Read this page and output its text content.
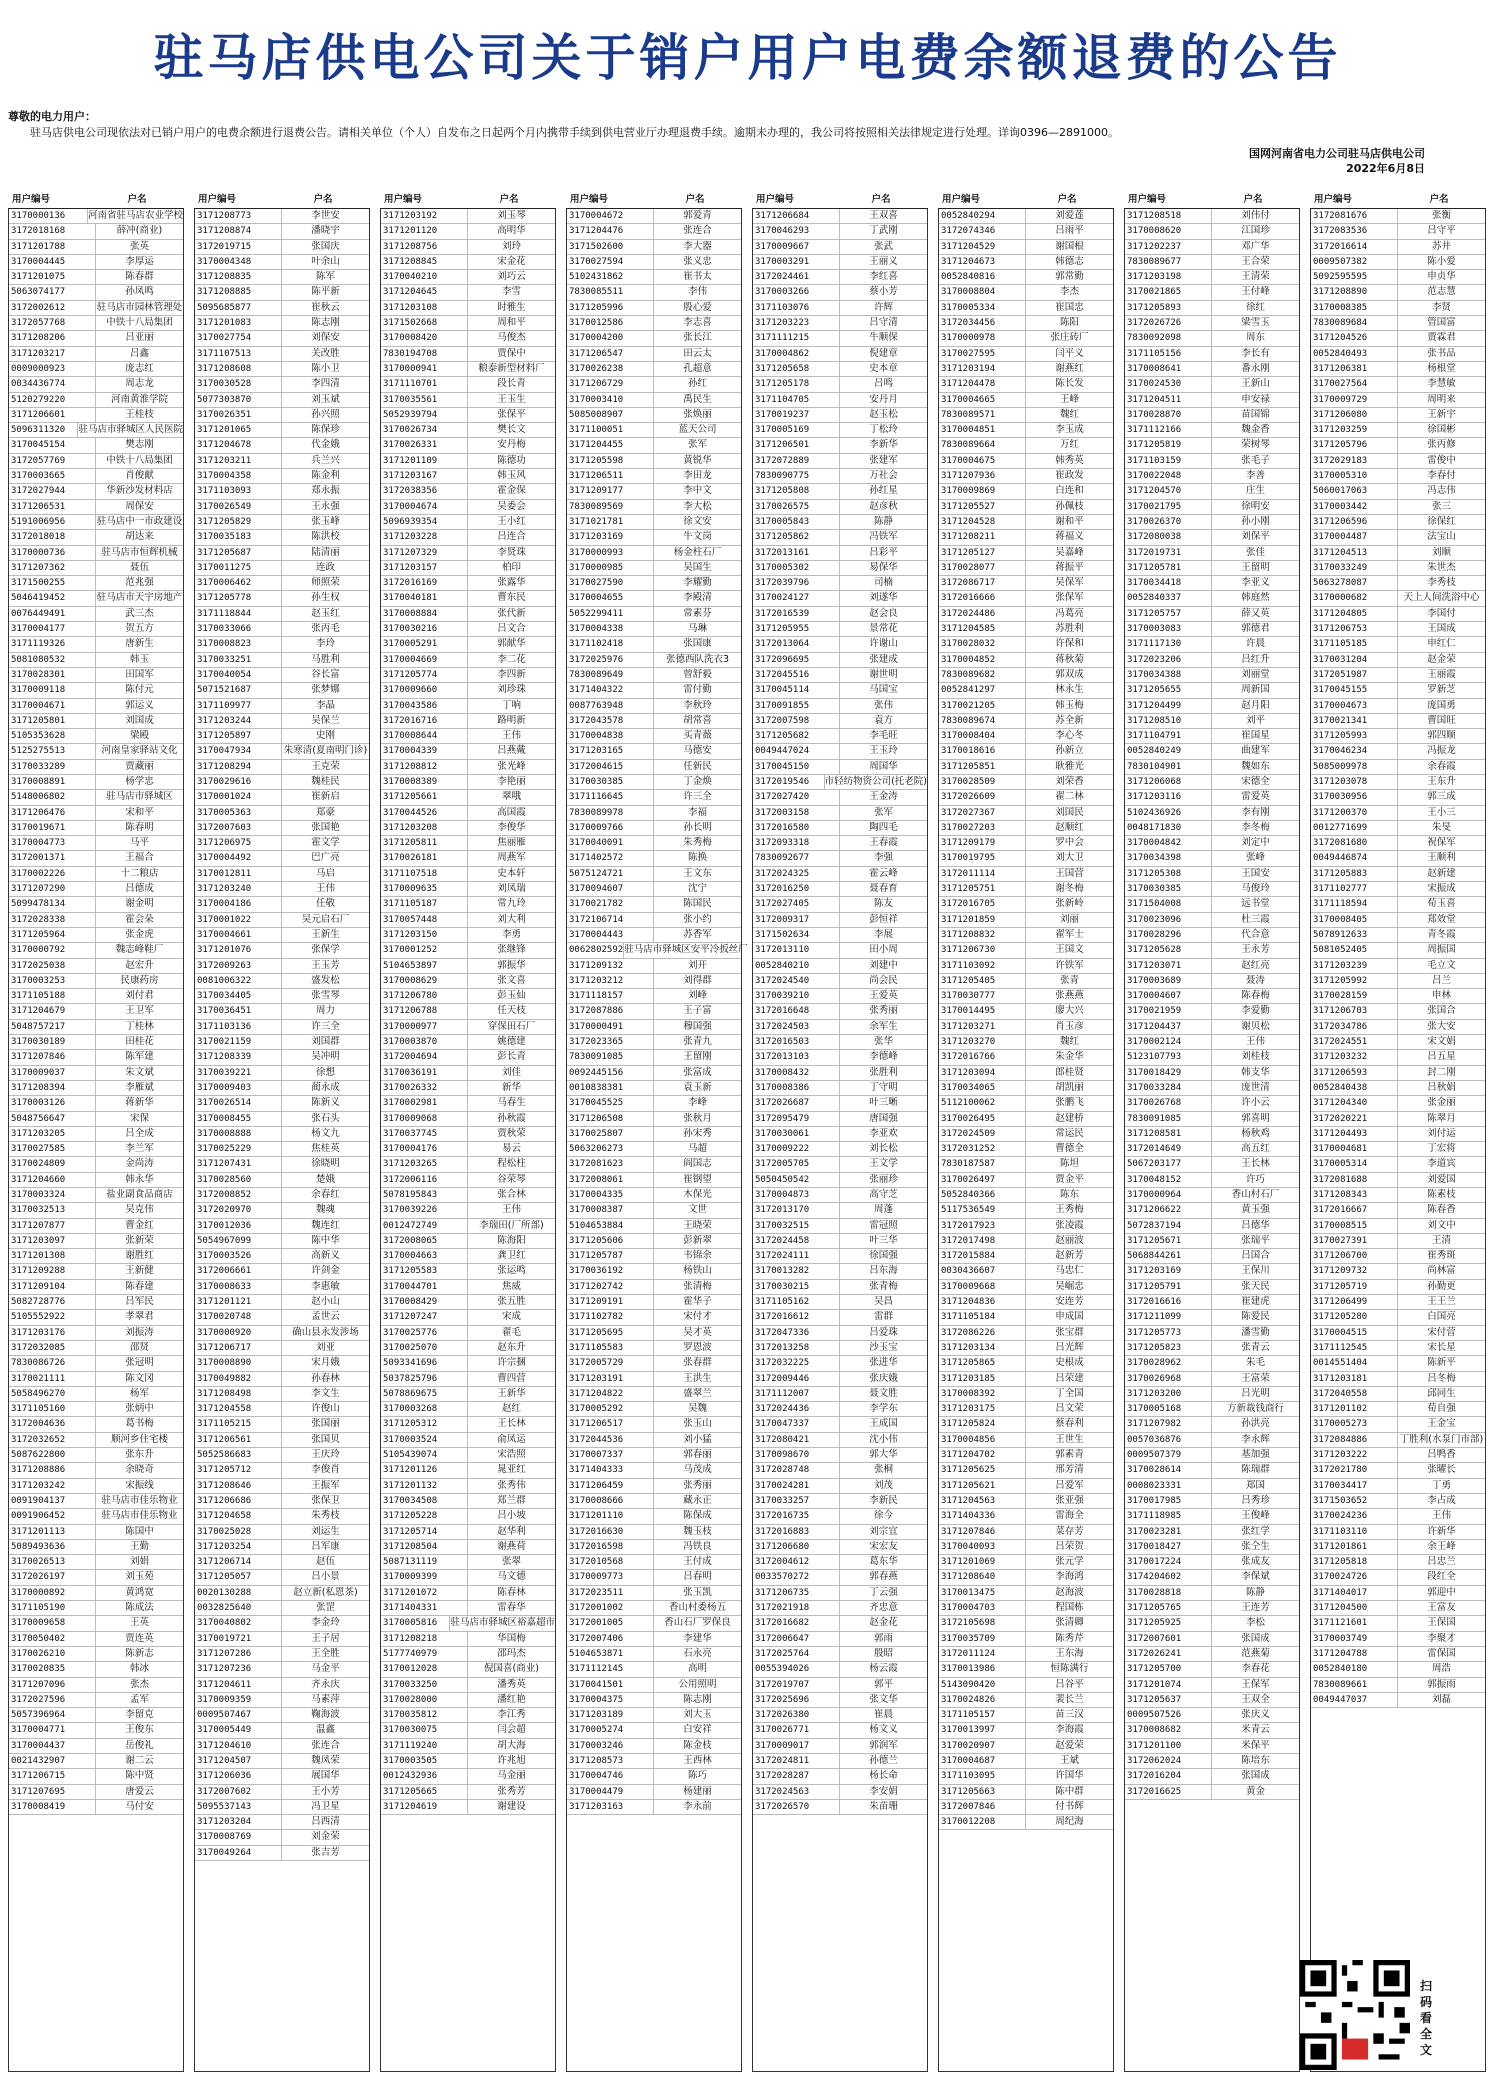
驻马店供电公司关于销户用户电费余额退费的公告
尊敬的电力用户：
驻马店供电公司现依法对已销户用户的电费余额进行退费公告。请相关单位（个人）自发布之日起两个月内携带手续到供电营业厅办理退费手续。逾期未办理的，我公司将按照相关法律规定进行处理。详询0396—2891000。
国网河南省电力公司驻马店供电公司
2022年6月8日
用户编号	户名
3170000136	河南省驻马店农业学校
3172018168	薛冲(商业)
3171201788	张英
3170004445	李厚运
3171201075	陈春群
5063074177	孙凤鸣
3172002612	驻马店市园林管理处
3172057768	中铁十八局集团
3171208206	吕亚丽
3171203217	吕鑫
0009000923	庞志红
0034436774	周志龙
5120279220	河南黄淮学院
3171206601	王桂枝
5096311320	驻马店市驿城区人民医院
3170045154	樊志刚
3172057769	中铁十八局集团
3170003665	肖俊献
3172027944	华新沙发材料店
3171206531	周保安
5191006956	驻马店中一市政建设
3172018018	胡达来
3170000736	驻马店市恒辉机械
3171207362	聂伍
3171500255	范兆强
5046419452	驻马店市天宇房地产
0076449491	武三杰
3170004177	贺五方
3171119326	唐新生
5081080532	韩玉
3170028301	田国军
3170009118	陈付元
3170004671	郭运义
3171205801	刘国成
5105353628	梁殿
5125275513	河南皇家驿站文化
3170033289	贾藏丽
3170008891	杨学忠
5148006802	驻马店市驿城区
3171206476	宋和平
3170019671	陈春明
3170004773	马平
3172001371	王福合
3170002226	十二粮店
3171207290	吕德成
5099478134	谢金明
3172028338	霍会朵
3171205964	张金虎
3170000792	魏志峰鞋厂
3172025038	赵宏升
3170003253	民康药房
3171105188	刘付君
3171204679	王卫军
5048757217	丁桂林
3170030189	田桂花
3171207846	陈军建
3170009037	朱文斌
3171208394	李雁斌
3170003126	蒋新华
5048756647	宋保
3171203205	吕全成
3170027585	李兰军
3170024809	金尚涛
3171204660	韩永华
3170003324	盐业副食品商店
3170032513	吴克伟
3171207877	曹金红
3171203097	张新荣
3171201308	谢胜红
3171209288	王新健
3171209104	陈春建
5082728776	吕军民
5105552922	孝翠君
3171203176	刘振涛
3172032085	邵贤
7830086726	张冠明
3170021111	陈文冈
5058496270	杨军
3171105160	张炳中
3172004636	葛书梅
3172032652	顺河乡住宅楼
5087622800	张东升
3171208886	余晓奇
3171203242	宋振线
0091904137	驻马店市佳乐物业
0091906452	驻马店市佳乐物业
3171201113	陈国中
5089493636	王勤
3170026513	刘娟
3172026197	刘玉苑
3170000892	黄鸿宽
3171105190	陈成法
3170009658	王英
3170050402	贾连英
3170026210	陈新志
3170020835	韩冰
3171207096	张杰
3172027596	孟军
5057396964	李留克
3170004771	王俊东
3170004437	岳俊礼
0021432907	谢二云
3171206715	陈中贤
3171207695	唐爱云
3170008419	马付安
用户编号	户名
3171208773	李世安
3171208874	潘晓宇
3172019715	张国庆
3170004348	叶余山
3171208835	陈军
3171208885	陈平新
5095685877	崔秋云
3171201083	陈志刚
3170027754	刘保安
3171107513	关改胜
3171208608	陈小卫
3170030528	李四清
5077303870	刘玉斌
3170026351	孙兴照
3171201065	陈保珍
3171204678	代金娥
3171203211	兵兰兴
3170004358	陈金利
3171103093	郑永振
3170026549	王永强
3171205829	张玉峰
3170035183	陈洪校
3171205687	陆清丽
3170011275	连政
3170006462	师照荣
3171205778	孙生权
3171118844	赵玉红
3170033066	张丙毛
3170008823	李玲
3170033251	马胜利
3170040054	谷长富
5071521687	张梦娜
3171109977	李晶
3171203244	吴保兰
3171205897	史刚
3170047934	朱寒清(夏南明门诊)
3171208294	王克荣
3170029616	魏桂民
3170001024	崔新启
3170005363	郑豪
3172007603	张国艳
3171206975	霍文学
3170004492	巴广亮
3170012811	马启
3171203240	王伟
3170004186	任敬
3170001022	吴元启石厂
3170004661	王新生
3171201076	张保学
3172009263	王玉芳
0081006322	盛发松
3170034405	张雪琴
3170036451	周力
3171103136	许三全
3170021159	刘国群
3171208339	吴冲明
3170039221	徐想
3170009403	蔺永成
3170026514	陈新义
3170008455	张石头
3170008888	杨文九
3170025229	焦桂英
3171207431	徐晓明
3170028560	楚娥
3172008852	余春红
3172020970	魏魂
3170012036	魏连红
5054967099	陈中华
3170003526	高新义
3172006661	许剑金
3170008633	李惠敏
3171201121	赵小山
3170020748	孟世云
3170000920	确山县永发涉场
3171206717	刘亚
3170008890	宋月娥
3170049882	孙春林
3171208498	李文生
3171204558	许俊山
3171105215	张国丽
3171206561	张国贝
5052586683	王庆玲
3171205712	李俊肖
3171208646	王振军
3171206686	张保卫
3171204658	朱秀枝
3170025028	刘运生
3171203254	吕军康
3171206714	赵伍
3171205057	吕小景
0020130288	赵立新(私恩茶)
0032825640	张罡
3170040802	李金玲
3170019721	王子居
3171207286	王全胜
3171207236	马金平
3171204611	齐永庆
3170009359	马素萍
0009507467	鞠海波
3170005449	温鑫
3171204610	张连合
3171204507	魏凤荣
3171206036	展国华
3172007602	王小芳
5095537143	冯卫星
3171203204	吕西清
3170008769	刘金荣
3170049264	张吉芳
用户编号	户名
3171203192	刘玉琴
3171201120	高明华
3171208756	刘玲
3171208845	宋金花
3170040210	刘巧云
3171204645	李雪
3171203108	时雅生
3171502668	周和平
3170008420	马俊杰
7830194708	贾保中
3170000941	粮泰新型材料厂
3171110701	段长青
3170035561	王玉生
5052939794	张保平
3170026734	樊长文
3170026331	安丹梅
3171201109	陈德功
3171203167	韩玉风
3172038356	霍金保
3170004674	吴委会
5096939354	王小红
3171203228	吕连合
3171207329	李贤珠
3171203157	柏印
3172016169	张露华
3170040181	曹东民
3170008884	张代新
3170030216	吕文合
3170005291	郭献华
3170004669	李二花
3171205774	李四新
3170009660	刘珍珠
3170043586	丁响
3172016716	路明新
3170008644	王伟
3170004339	吕燕戴
3171208812	张光峰
3170008389	李艳丽
3171205661	翠哦
3170044526	高国霞
3171203208	李俊华
3171205811	焦丽雁
3170026181	周燕军
3171107518	史本轩
3170009635	刘凤瑞
3171105187	常九玲
3170057448	刘大利
3171203150	李勇
3170001252	张继锋
5104653897	郭振华
3170008629	张文喜
3171206780	彭玉仙
3171206788	任天枝
3170000977	穿保田石厂
3170003870	姚德建
3172004694	彭长青
3170036191	刘佳
3170026332	新华
3170002981	马春生
3170009068	孙秋霞
3170037745	贾秋荣
3170004176	易云
3171203265	程松柱
3172006116	谷荣琴
5078195843	张合林
3170039226	王伟
0012472749	李瑞田(厂所部)
3172008065	陈海阳
3170004663	龚卫红
3171205583	张运鸣
3170044701	焦威
3170008429	张五胜
3171207247	宋成
3170025776	翟毛
3170025070	赵东升
5093341696	许宗捆
5037825796	曹四营
5078869675	王新华
3170003268	赵红
3171205312	王长林
3170003524	俞凤运
5105439074	宋浩照
3171201126	晁亚红
3171201132	张秀伟
3170034508	郑兰群
3171205228	吕小坡
3171205714	赵华利
3171208504	谢燕荷
5087131119	张翠
3170009399	马文德
3171201072	陈春林
3171404331	雷春华
3170005816	驻马店市驿城区裕嘉超市
3171208218	华国梅
5177740979	邵玛杰
3170012028	倪国喜(商业)
3170033250	潘秀英
3170028000	潘红艳
3170035812	李江秀
3170030075	闫会超
3171119240	胡大海
3170003505	许兆旭
0012432936	马金丽
3171205665	张秀芳
3171204619	谢建设
用户编号	户名
3170004672	郭爱青
3171204476	张连合
3171502600	李大器
3170027594	张义忠
5102431862	崔书太
7830085511	李伟
3171205996	殷心爱
3170012586	李志喜
3170004200	张长江
3171206547	田云太
3170026238	孔超意
3171206729	孙红
3170003410	禹民生
5085008907	张焕丽
3171100051	蓝天公司
3171204455	张军
3171205598	黄锐华
3171206511	李田龙
3171209177	李中文
7830089569	李大松
3171021781	徐文安
3171203169	牛文岗
3170000993	杨金柱石厂
3170000985	吴国生
3170027590	李耀勤
3170004655	李殿清
5052299411	常素芬
3170004338	马琳
3171102418	张国康
3172025976	张德西队洗衣3
7830089649	曾舒毅
3171404322	雷付勤
0087763948	李秋玲
3172043578	胡常喜
3170004838	买青薇
3171203165	马德安
3172004615	任新民
3170030385	丁金焕
3171116645	许三全
7830089978	李福
3170009766	孙长明
3170040091	朱秀梅
3171402572	陈换
5075124721	王文东
3170094607	沈宁
3170021782	陈国民
3172106714	张小约
3170004443	苏香军
0062802592 驻马店市驿城区安平冷扳丝厂
3171209132	刘开
3171203212	刘得群
3171118157	刘峰
3172087886	王子富
3170000491	穆国强
3172023365	张青九
7830091085	王留刚
0092445156	张富成
0010838381	袁玉新
3170045525	李峰
3171206508	张秋月
3170025807	孙宋秀
5063206273	马超
3172081623	阎国志
3172008061	崔钢望
3170004335	木保光
3170008387	文世
5104653884	王晓荣
3171205606	彭新翠
3171205787	韦锦余
3170036192	杨铁山
3171202742	张清梅
3171209191	霍华子
3171102782	宋付才
3171205695	吴才英
3171105583	罗恩波
3172005729	张春群
3171203191	王洪生
3171204822	盛翠兰
3170005292	吴魏
3171206517	张玉山
3172044536	刘小猛
3170007337	郭春丽
3171404333	马茂成
3171206459	张秀丽
3170008666	藏永正
3171201110	陈保成
3172016630	魏玉枝
3172016598	冯铁良
3172010568	王付成
3170009773	吕春明
3172023511	张玉凯
3172001002	香山村委杨五
3172001005	香山石厂罗保良
3172007406	李建华
5104653871	石永亮
3171112145	高明
3170041501	公用照明
3170004375	陈志刚
3171203189	刘大玉
3170005274	白安祥
3170003246	陈金枝
3171208573	王西林
3170004746	陈巧
3170004479	杨建丽
3171203163	李永前
用户编号	户名
3171206684	王双喜
3170046293	丁武刚
3170009667	张武
3170003291	王丽义
3172024461	李红喜
3170003266	蔡小芳
3171103076	许辉
3171203223	吕守清
3171111215	牛顺保
3170004862	倪建章
3171205658	史本章
3171205178	吕鸣
3171104705	安丹月
3170019237	赵玉松
3170005169	丁松玲
3171206501	李新华
3172072889	张建军
7830090775	万社会
3171205808	孙红星
3170026575	赵彦秋
3170005843	陈静
3171205862	冯铁军
3172013161	吕彩平
3170005302	易保华
3172039796	司楠
3170024127	刘遂华
3172016539	赵会良
3171205955	景常花
3172013064	许谢山
3172096695	张建成
3172045516	谢世明
3170045114	马国宝
3170091855	张伟
3172007598	袁方
3171205682	李毛旺
0049447024	王玉玲
3170045150	周国华
3172019546	市轻纺物资公司(托老院)
3172027420	王金涛
3172003158	张军
3172016580	陶四毛
3172093318	王春霞
7830092677	李强
3172024325	霍云峰
3172016250	聂春育
3172027405	陈友
3172009317	彭恒祥
3171502634	李展
3172013110	田小周
0052840210	刘建中
3172024540	尚会民
3170039210	王爱英
3172016648	张秀丽
3172024503	余军生
3172016503	张华
3172013103	李德峰
3170008432	张胜利
3170008386	丁守明
3172026687	叶三晰
3172095479	唐国强
3170030061	李亚欢
3170009222	刘长松
3172005705	王文学
5050450542	张丽珍
3170004873	高守芝
3172013170	周蓬
3170032515	雷冠照
3172024458	叶三华
3172024111	徐国强
3170013282	吕东海
3170030215	张青梅
3171105162	吴昌
3172016612	雷群
3172047336	吕爱珠
3172013258	沙玉宝
3172032225	张进华
3172009446	张庆娥
3171112007	聂文胜
3172024436	李学东
3170047337	王成国
3172080421	沈小伟
3170098670	郭大华
3172028748	张桐
3170024281	刘茂
3170033257	李新民
3172016735	徐今
3172016883	刘宗宜
3171206680	宋宏友
3172004612	葛东华
0033570272	郭春燕
3171206735	丁云强
3172021918	齐忠意
3172016682	赵金花
3172006647	郭雨
3172025764	殷昭
0055394026	杨云霞
3172019707	郭平
3172025696	张文华
3172026380	崔晨
3170026771	杨文义
3170009017	郭润军
3172024811	孙德兰
3172028287	杨长命
3172024563	李安娟
3172026570	朱苗珊
用户编号	户名
0052840294	刘爱莲
3172074346	吕雨平
3171204529	谢国根
3171204673	韩德志
0052840816	郭常勤
3170008804	李杰
3170005334	崔国忠
3172034456	陈阳
3170000978	张庄砖厂
3170027595	闫平义
3171203194	谢燕红
3171204478	陈长发
3170004665	王峰
7830089571	魏红
3170004851	李玉成
7830089664	万红
3170004675	韩秀英
3171207936	崔政发
3170009869	白连和
3171205527	孙佩枝
3171204528	谢和平
3171208211	蒋福义
3171205127	吴嘉峰
3170028077	蒋振平
3172086717	吴保军
3172016666	张保军
3172024486	冯葛亮
3171204585	苏胜利
3170028032	许保和
3170004852	蒋秋菊
7830089682	郭双成
0052841297	林永生
3170021205	韩玉梅
7830089674	苏全新
3170008404	李心冬
3170018616	孙新立
3171205851	耿雅光
3170028509	刘荣香
3172026609	翟二林
3172027367	刘国民
3170027203	赵顺红
3171209179	罗中会
3170019795	刘大卫
3172011114	王国营
3171205751	谢冬梅
3172016705	张新岭
3171201859	刘丽
3171208832	翟军士
3171206730	王国文
3171103092	许铁军
3171205405	张青
3170030777	张燕燕
3170014495	廖大兴
3171203271	肖玉彦
3171203270	魏红
3172016766	朱金华
3171203094	郎桂贤
3170034065	胡凯丽
5112100062	张鹏飞
3170026495	赵建桥
3172024509	常运民
3172031252	曹德全
7830187587	陈坦
3170026497	贾金平
5052840366	陈东
5117536549	王秀梅
3172017923	张凌霞
3172017498	赵丽波
3172015884	赵新芳
0030436607	马忠仁
3170009668	吴崛忠
3171204836	安连芳
3171105184	申成国
3172086226	张宝群
3171203134	吕光辉
3171205865	史根成
3171203185	吕荣建
3170008392	丁全国
3171203175	吕文荣
3171205824	蔡春利
3170004856	王世生
3171204702	郭素青
3171205625	邢芳清
3171205621	吕爱军
3171204563	张亚强
3171404336	雷海全
3171207846	菜存芳
3170040093	吕荣贺
3171201069	张元学
3171208640	李海鸿
3170013475	赵海波
3170004703	程国栋
3172105698	张清卿
3170035709	陈秀芹
3172011124	王东海
3170013986	恒陈满行
5143090420	吕谷平
3170024826	裴长兰
3171105157	苗三汉
3170013997	李海霞
3170020907	赵爱荣
3170004687	王斌
3171103095	许国华
3171205663	陈中群
3172007846	付书辉
3170012208	周纪海
用户编号	户名
3171208518	刘伟付
3170008620	江国珍
3171202237	邓广华
7830089677	王合荣
3171203198	王清荣
3170021865	王付峰
3171205893	徐红
3172026726	梁雪玉
7830092098	周东
3171105156	李长有
3170008641	番永刚
3170024530	王新山
3171204511	申安禄
3170028870	苗国锦
3171112166	魏金香
3171205819	荣树琴
3171103159	张毛子
3170022048	李善
3171204570	庄生
3170021795	徐明安
3170026370	孙小刚
3172080038	刘保平
3172019731	张佳
3171205781	王留明
3170034418	李亚义
0052840337	韩庭然
3171205757	薛又英
3170003083	郭德君
3171117130	许晨
3172023206	吕红升
3170034388	刘丽堂
3171205655	周新国
3171204499	赵月阳
3171208510	刘平
3171104791	崔国星
0052840249	曲建军
7830104901	魏如东
3171206068	宋德全
3171203116	雷爱英
5102436926	李有刚
0048171830	李冬梅
3170004842	刘定中
3170034398	张峰
3171205308	王国安
3170030385	马俊玲
3171504008	远书堂
3170023096	杜三霞
3170028296	代合意
3171205628	王永芳
3171203071	赵红亮
3170003689	聂涛
3170004607	陈春梅
3170021959	李爱勤
3171204437	谢贝松
3170002124	王伟
5123107793	刘桂枝
3170018429	韩支华
3170033284	庞世清
3170026768	许小云
7830091085	郭喜明
3171208581	杨秋鸡
3172014649	高五红
5067203177	王长林
3170048152	许巧
3170000964	香山村石厂
3171206622	黄玉强
5072837194	吕德华
3171205671	张瑞平
5068844261	吕国合
3171203169	王保川
3171205791	张天民
3172016616	崔建虎
3171211099	陈爱民
3171205773	潘雪勤
3171205823	张青云
3170028962	朱毛
3170026968	王富荣
3171203200	吕光明
3170005168	方新裁钱商行
3171207982	孙洪亮
0057036876	李永辉
0009507379	基加强
3170028614	陈瑞群
0008023331	郑国
3170017985	吕秀珍
3171118985	王俊峰
3170023281	张红学
3170018427	张仝生
3170017224	张成友
3174204602	李保斌
3170028818	陈静
3171205765	王连芳
3171205925	李松
3172007601	张国成
3172026241	范燕菊
3171205700	李春花
3171201074	王保军
3171205637	王双全
0009507526	张庆义
3170008682	米青云
3171201100	米保平
3172062024	陈培东
3172016204	张国成
3172016625	黄金
用户编号	户名
3172081676	张衡
3172083536	吕守平
3172016614	苏井
0009507382	陈小爱
5092595595	申贞华
3171208890	范志慧
3170008385	李贤
7830089684	管国富
3171204526	贾霖君
0052840493	张书品
3171206381	杨根堂
3170027564	李慧敏
3170009729	周明来
3171206080	王新宇
3171203259	徐国彬
3171205796	张丙修
3172029183	雷俊中
3170005310	李春付
5060017063	冯志伟
3170003442	张三
3171206596	徐保红
3170004487	法宝山
3171204513	刘顺
3170033249	朱世杰
5063278087	李秀枝
3170000682	天上人间洗浴中心
3171204805	李国付
3171206753	王国成
3171105185	申红仁
3170031204	赵金荣
3172051987	王丽霞
3170045155	罗新芝
3170004673	庞国勇
3170021341	曹国旺
3171205993	郭四顺
3170046234	冯振龙
5085009978	余春霞
3171203078	王东升
3170030956	郭三成
3171200370	王小三
0012771699	朱旻
3172081680	祝保军
0049446874	王顺利
3171205883	赵新建
3171102777	宋振成
3171118594	荀玉喜
3170008405	郑效堂
5078912633	青冬霞
5081052405	周振国
3171203239	毛立文
3171205992	吕兰
3170028159	申林
3171206703	张国合
3172034786	张大安
3172024551	宋文娟
3171203232	吕五星
3171206593	封二刚
0052840438	吕秋娟
3171204340	张金丽
3172020221	陈翠月
3171204493	刘付运
3170004681	丁宏将
3170005314	李道宾
3172081688	刘爱国
3171208343	陈素枝
3172016667	陈春香
3170008515	刘文中
3170027391	王清
3171206700	崔秀斑
3171209732	尚林富
3171205719	孙勤更
3171206499	王王兰
3171205280	白国亮
3170004515	宋付营
3171112545	宋长星
0014551404	陈新平
3171203181	吕冬梅
3172040558	邱同生
3171201102	荀自强
3170005273	王金宝
3172084886	丁胜利(水泵门市部)
3171203222	吕鸭香
3172021780	张曜长
3170034417	丁勇
3171503652	李占成
3170024236	王伟
3171103110	许新华
3171201861	余王峰
3171205818	吕忠兰
3170024726	段红全
3171404017	郭迎中
3171204500	王富友
3171121601	王保国
3170003749	李聚才
3171204788	雷保国
0052840180	周浩
7830089661	郭振雨
0049447037	刘磊
扫码看全文
